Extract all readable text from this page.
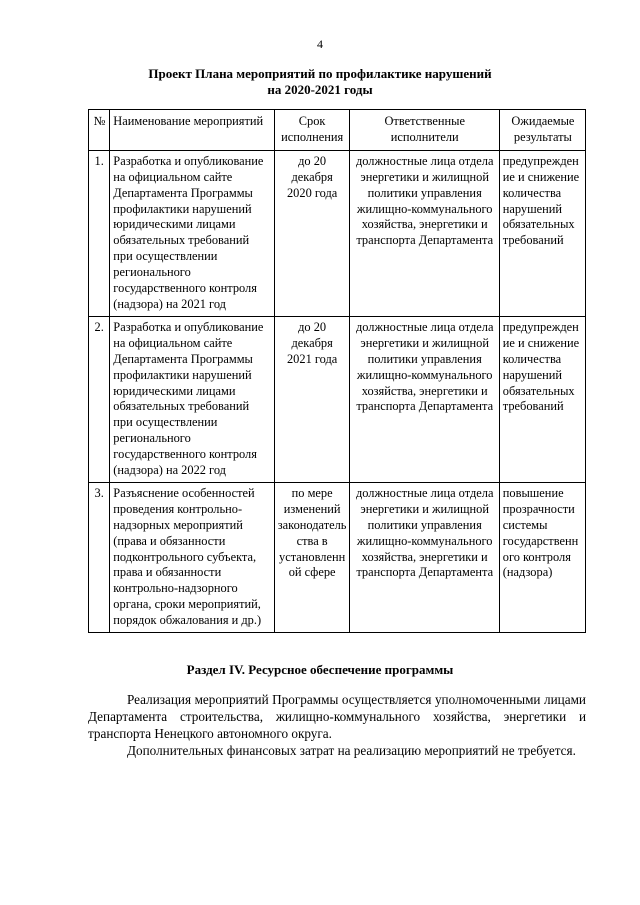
4
Проект Плана мероприятий по профилактике нарушений
на 2020-2021 годы
№	Наименование мероприятий	Срок исполнения	Ответственные исполнители	Ожидаемые результаты
1.	Разработка и опубликование на официальном сайте Департамента Программы профилактики нарушений юридическими лицами обязательных требований при осуществлении регионального государственного контроля (надзора) на 2021 год	до 20 декабря 2020 года	должностные лица отдела энергетики и жилищной политики управления жилищно-коммунального хозяйства, энергетики и транспорта Департамента	предупреждение и снижение количества нарушений обязательных требований
2.	Разработка и опубликование на официальном сайте Департамента Программы профилактики нарушений юридическими лицами обязательных требований при осуществлении регионального государственного контроля (надзора) на 2022 год	до 20 декабря 2021 года	должностные лица отдела энергетики и жилищной политики управления жилищно-коммунального хозяйства, энергетики и транспорта Департамента	предупреждение и снижение количества нарушений обязательных требований
3.	Разъяснение особенностей проведения контрольно-надзорных мероприятий (права и обязанности подконтрольного субъекта, права и обязанности контрольно-надзорного органа, сроки мероприятий, порядок обжалования и др.)	по мере изменений законодательства в установленной сфере	должностные лица отдела энергетики и жилищной политики управления жилищно-коммунального хозяйства, энергетики и транспорта Департамента	повышение прозрачности системы государственного контроля (надзора)
Раздел IV. Ресурсное обеспечение программы

Реализация мероприятий Программы осуществляется уполномоченными лицами Департамента строительства, жилищно-коммунального хозяйства, энергетики и транспорта Ненецкого автономного округа.

Дополнительных финансовых затрат на реализацию мероприятий не требуется.
